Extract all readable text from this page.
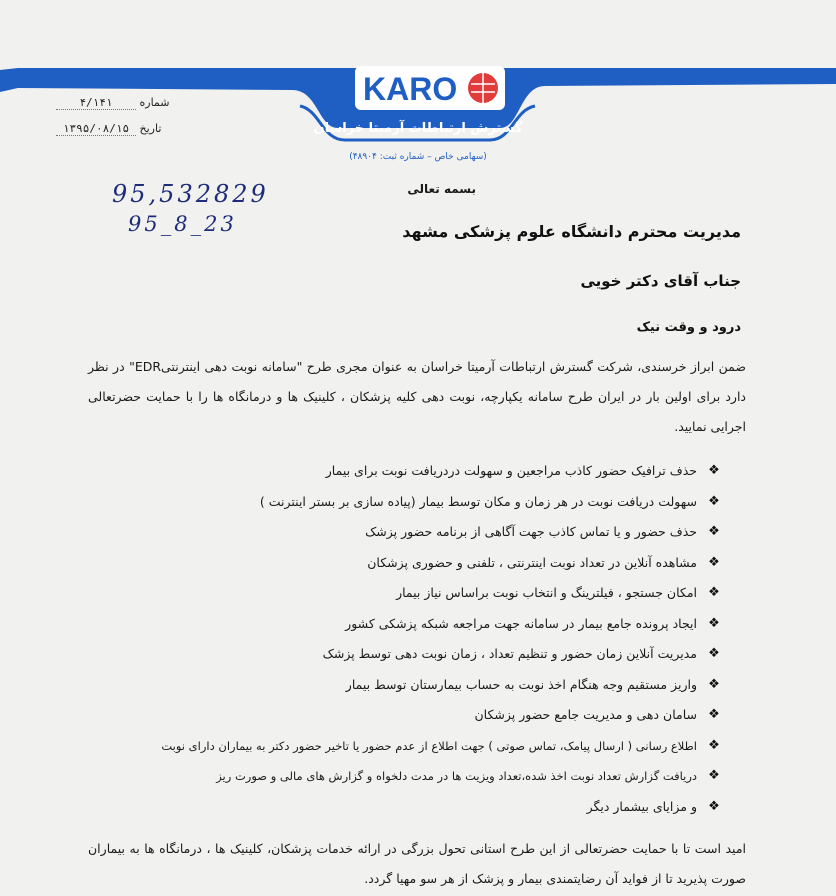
KARO
گسترش ارتباطات آرمیتا خراسان
(سهامی خاص – شماره ثبت: ۴۸۹۰۴)
شماره ۴/۱۴۱
تاریخ ۱۳۹۵/۰۸/۱۵
بسمه تعالی
95,532829
95_8_23	مدیریت محترم دانشگاه علوم پزشکی مشهد
جناب آقای دکتر خویی
درود و وقت نیک
ضمن ابراز خرسندی، شرکت گسترش ارتباطات آرمیتا خراسان به عنوان مجری طرح "سامانه نوبت دهی اینترنتیEDR" در نظر دارد برای اولین بار در ایران طرح سامانه یکپارچه، نوبت دهی کلیه پزشکان ، کلینیک ها و درمانگاه ها را با حمایت حضرتعالی اجرایی نمایید.
❖
حذف ترافیک حضور کاذب مراجعین و سهولت دردریافت نوبت برای بیمار
❖
سهولت دریافت نوبت در هر زمان و مکان توسط بیمار (پیاده سازی بر بستر اینترنت )
❖
حذف حضور و یا تماس کاذب جهت آگاهی از برنامه حضور پزشک
❖
مشاهده آنلاین در تعداد نوبت اینترنتی ، تلفنی و حضوری پزشکان
❖
امکان جستجو ، فیلترینگ و انتخاب نوبت براساس نیاز بیمار
❖
ایجاد پرونده جامع بیمار در سامانه جهت مراجعه شبکه پزشکی کشور
❖
مدیریت آنلاین زمان حضور و تنظیم تعداد ، زمان نوبت دهی توسط پزشک
❖
واریز مستقیم وجه هنگام اخذ نوبت به حساب بیمارستان توسط بیمار
❖
سامان دهی و مدیریت جامع حضور پزشکان
❖
اطلاع رسانی ( ارسال پیامک، تماس صوتی ) جهت اطلاع از عدم حضور یا تاخیر حضور دکتر به بیماران دارای نوبت
❖
دریافت گزارش تعداد نوبت اخذ شده،تعداد ویزیت ها در مدت دلخواه و گزارش های مالی و صورت ریز
❖
و مزایای بیشمار دیگر
امید است تا با حمایت حضرتعالی از این طرح استانی تحول بزرگی در ارائه خدمات پزشکان، کلینیک ها ، درمانگاه ها به بیماران صورت پذیرید تا از فواید آن رضایتمندی بیمار و پزشک از هر سو مهیا گردد.
